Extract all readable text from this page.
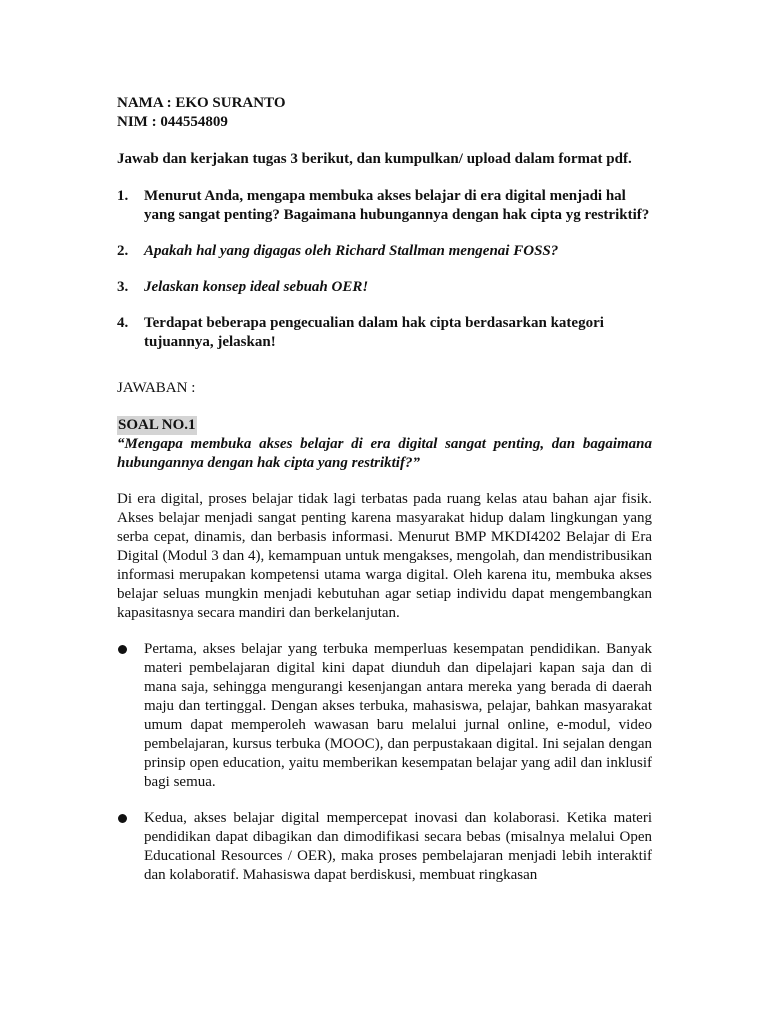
NAMA : EKO SURANTO
NIM : 044554809
Jawab dan kerjakan tugas 3 berikut, dan kumpulkan/ upload dalam format pdf.
1.	Menurut Anda, mengapa membuka akses belajar di era digital menjadi hal yang sangat penting? Bagaimana hubungannya dengan hak cipta yg restriktif?
2.	Apakah hal yang digagas oleh Richard Stallman mengenai FOSS?
3.	Jelaskan konsep ideal sebuah OER!
4.	Terdapat beberapa pengecualian dalam hak cipta berdasarkan kategori tujuannya, jelaskan!
JAWABAN :
SOAL NO.1
“Mengapa membuka akses belajar di era digital sangat penting, dan bagaimana hubungannya dengan hak cipta yang restriktif?”
Di era digital, proses belajar tidak lagi terbatas pada ruang kelas atau bahan ajar fisik. Akses belajar menjadi sangat penting karena masyarakat hidup dalam lingkungan yang serba cepat, dinamis, dan berbasis informasi. Menurut BMP MKDI4202 Belajar di Era Digital (Modul 3 dan 4), kemampuan untuk mengakses, mengolah, dan mendistribusikan informasi merupakan kompetensi utama warga digital. Oleh karena itu, membuka akses belajar seluas mungkin menjadi kebutuhan agar setiap individu dapat mengembangkan kapasitasnya secara mandiri dan berkelanjutan.
Pertama, akses belajar yang terbuka memperluas kesempatan pendidikan. Banyak materi pembelajaran digital kini dapat diunduh dan dipelajari kapan saja dan di mana saja, sehingga mengurangi kesenjangan antara mereka yang berada di daerah maju dan tertinggal. Dengan akses terbuka, mahasiswa, pelajar, bahkan masyarakat umum dapat memperoleh wawasan baru melalui jurnal online, e-modul, video pembelajaran, kursus terbuka (MOOC), dan perpustakaan digital. Ini sejalan dengan prinsip open education, yaitu memberikan kesempatan belajar yang adil dan inklusif bagi semua.
Kedua, akses belajar digital mempercepat inovasi dan kolaborasi. Ketika materi pendidikan dapat dibagikan dan dimodifikasi secara bebas (misalnya melalui Open Educational Resources / OER), maka proses pembelajaran menjadi lebih interaktif dan kolaboratif. Mahasiswa dapat berdiskusi, membuat ringkasan
